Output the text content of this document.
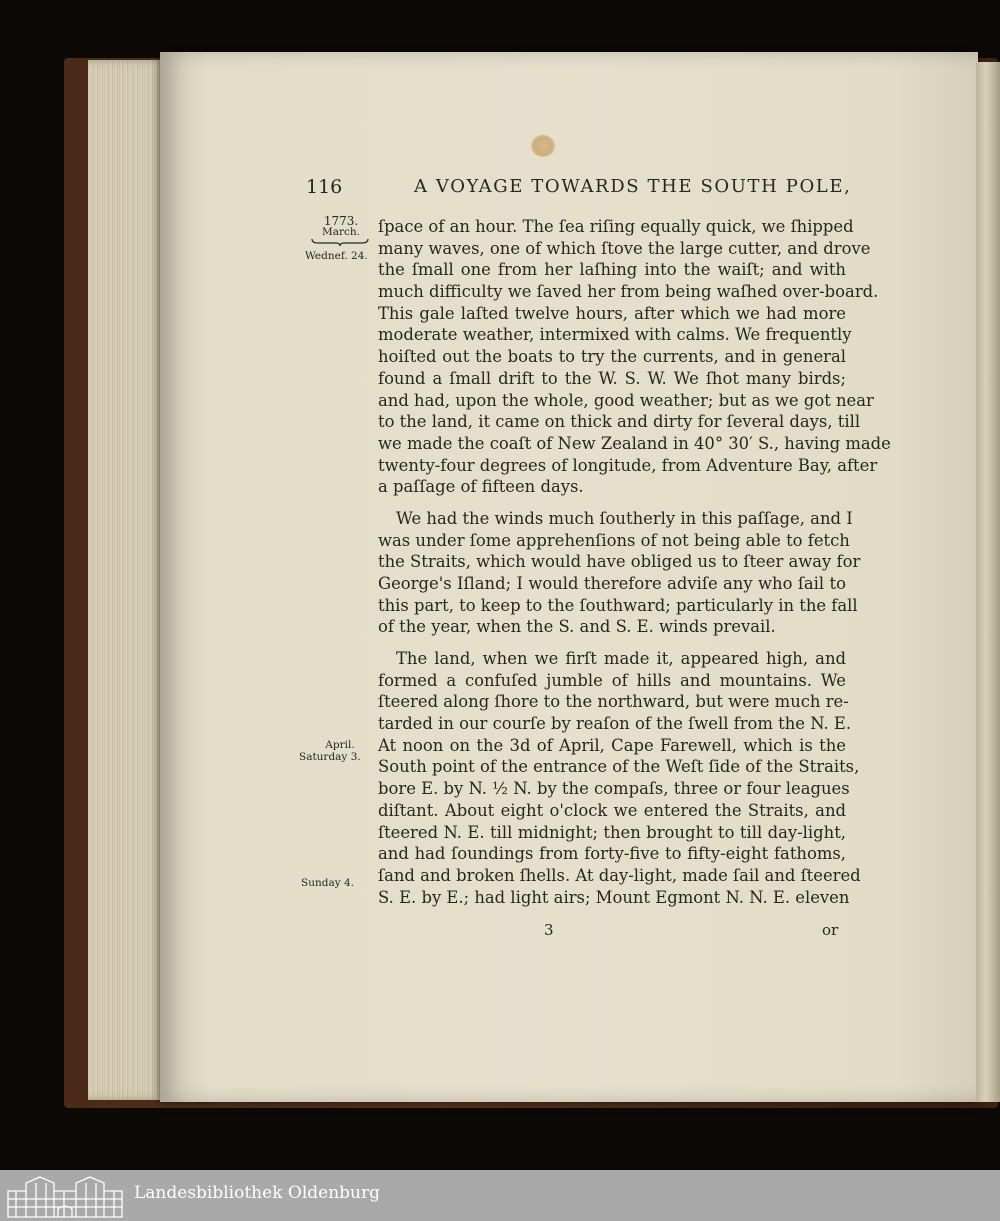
116	A VOYAGE TOWARDS THE SOUTH POLE,
1773.
March.
Wednef. 24.
April.
Saturday 3.
Sunday 4.
ſpace of an hour. The ſea riſing equally quick, we ſhipped
many waves, one of which ſtove the large cutter, and drove
the ſmall one from her laſhing into the waiſt; and with
much difficulty we ſaved her from being waſhed over-board.
This gale laſted twelve hours, after which we had more
moderate weather, intermixed with calms. We frequently
hoiſted out the boats to try the currents, and in general
found a ſmall drift to the W. S. W. We ſhot many birds;
and had, upon the whole, good weather; but as we got near
to the land, it came on thick and dirty for ſeveral days, till
we made the coaſt of New Zealand in 40° 30′ S., having made
twenty-four degrees of longitude, from Adventure Bay, after
a paſſage of fifteen days.
We had the winds much ſoutherly in this paſſage, and I
was under ſome apprehenſions of not being able to fetch
the Straits, which would have obliged us to ſteer away for
George's Iſland; I would therefore adviſe any who ſail to
this part, to keep to the ſouthward; particularly in the fall
of the year, when the S. and S. E. winds prevail.
The land, when we firſt made it, appeared high, and
formed a confuſed jumble of hills and mountains. We
ſteered along ſhore to the northward, but were much re-
tarded in our courſe by reaſon of the ſwell from the N. E.
At noon on the 3d of April, Cape Farewell, which is the
South point of the entrance of the Weſt ſide of the Straits,
bore E. by N. ½ N. by the compaſs, three or four leagues
diſtant. About eight o'clock we entered the Straits, and
ſteered N. E. till midnight; then brought to till day-light,
and had ſoundings from forty-five to fifty-eight fathoms,
ſand and broken ſhells. At day-light, made ſail and ſteered
S. E. by E.; had light airs; Mount Egmont N. N. E. eleven
3	or
Landesbibliothek Oldenburg
